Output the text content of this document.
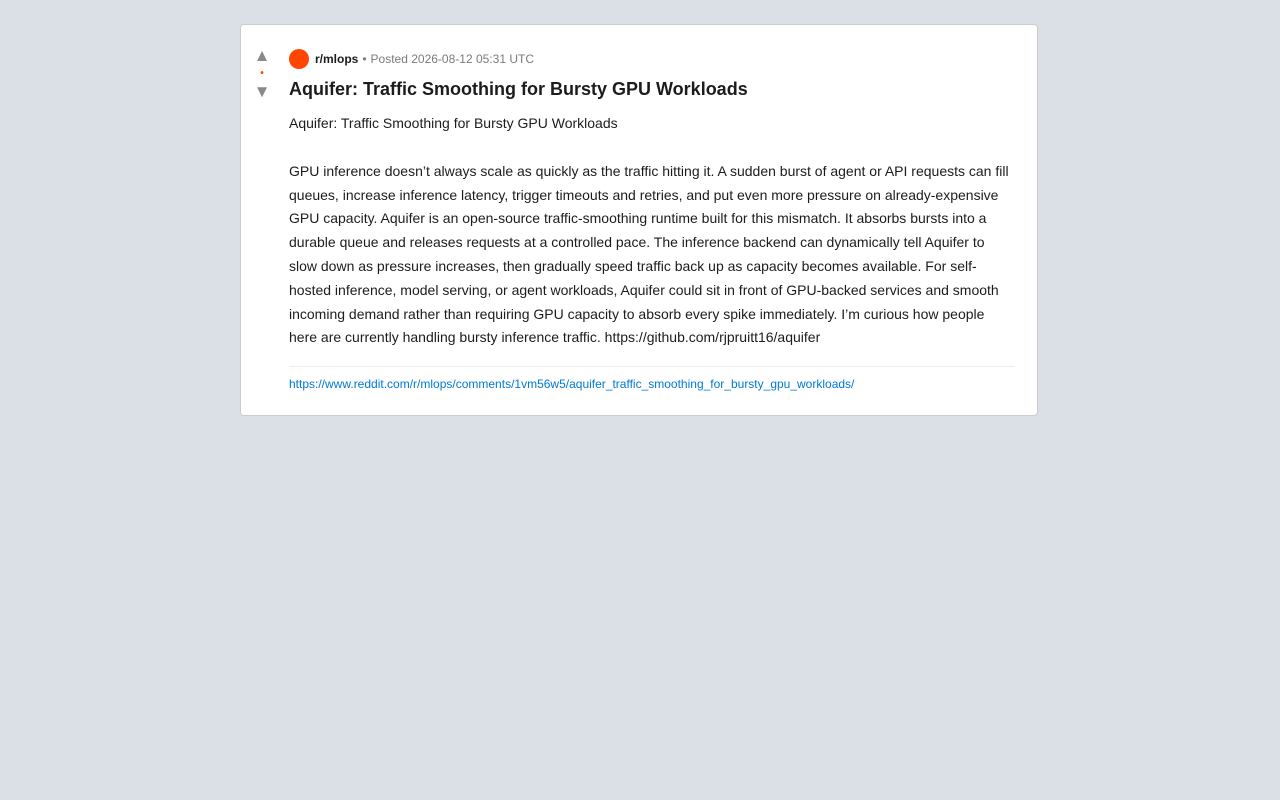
▲
•
▼
r/mlops • Posted 2026-08-12 05:31 UTC
Aquifer: Traffic Smoothing for Bursty GPU Workloads

Aquifer: Traffic Smoothing for Bursty GPU Workloads

GPU inference doesn’t always scale as quickly as the traffic hitting it. A sudden burst of agent or API requests can fill queues, increase inference latency, trigger timeouts and retries, and put even more pressure on already-expensive GPU capacity. Aquifer is an open-source traffic-smoothing runtime built for this mismatch. It absorbs bursts into a durable queue and releases requests at a controlled pace. The inference backend can dynamically tell Aquifer to slow down as pressure increases, then gradually speed traffic back up as capacity becomes available. For self-hosted inference, model serving, or agent workloads, Aquifer could sit in front of GPU-backed services and smooth incoming demand rather than requiring GPU capacity to absorb every spike immediately. I’m curious how people here are currently handling bursty inference traffic. https://github.com/rjpruitt16/aquifer

https://www.reddit.com/r/mlops/comments/1vm56w5/aquifer_traffic_smoothing_for_bursty_gpu_workloads/
